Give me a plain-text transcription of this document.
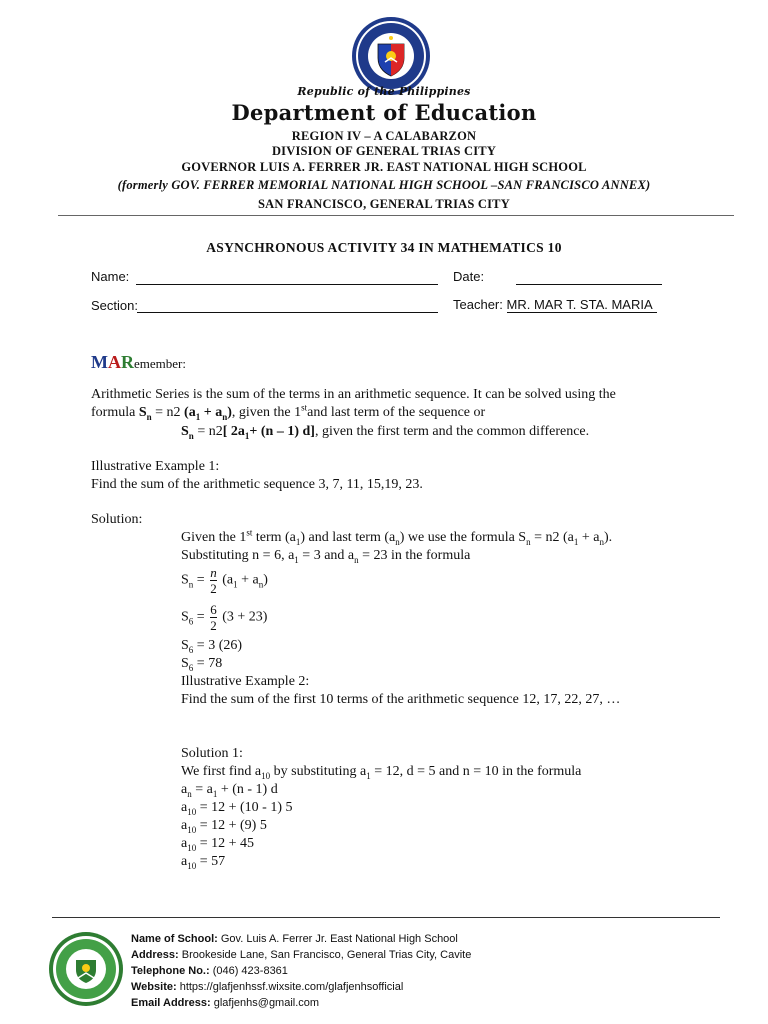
Republic of the Philippines
Department of Education
REGION IV – A CALABARZON
DIVISION OF GENERAL TRIAS CITY
GOVERNOR LUIS A. FERRER JR. EAST NATIONAL HIGH SCHOOL
(formerly GOV. FERRER MEMORIAL NATIONAL HIGH SCHOOL –SAN FRANCISCO ANNEX)
SAN FRANCISCO, GENERAL TRIAS CITY
ASYNCHRONOUS ACTIVITY 34 IN MATHEMATICS 10
Name:	Date:
Section:	Teacher: MR. MAR T. STA. MARIA
MARemember:
Arithmetic Series is the sum of the terms in an arithmetic sequence. It can be solved using the
formula $S_n = n2$ $(a_1 + a_n)$, given the 1stand last term of the sequence or
$S_n = n2$[ $2a_1+ (n - 1)$ d], given the first term and the common difference.
Illustrative Example 1:
Find the sum of the arithmetic sequence 3, 7, 11, 15,19, 23.
Solution:
Given the 1st term $(a_1)$ and last term $(a_n)$ we use the formula $S_n = n2$ $(a_1 + a_n)$.
Substituting n = 6, $a_1 = 3$ and $a_n = 23$ in the formula
$S_n = \frac{n}{2} (a_1 + a_n)$
$S_6 = \frac{6}{2} (3 + 23)$
$S_6 = 3$ (26)
$S_6 = 78$
Illustrative Example 2:
Find the sum of the first 10 terms of the arithmetic sequence 12, 17, 22, 27, …
Solution 1:
We first find $a_{10}$ by substituting $a_1 = 12$, d = 5 and n = 10 in the formula
$a_n = a_1 + (n - 1)$ d
$a_{10} = 12 + (10 - 1)$ 5
$a_{10} = 12 + (9)$ 5
$a_{10} = 12 + 45$
$a_{10} = 57$
Name of School: Gov. Luis A. Ferrer Jr. East National High School
Address: Brookeside Lane, San Francisco, General Trias City, Cavite
Telephone No.: (046) 423-8361
Website: https://glafjenhssf.wixsite.com/glafjenhsofficial
Email Address: glafjenhs@gmail.com
